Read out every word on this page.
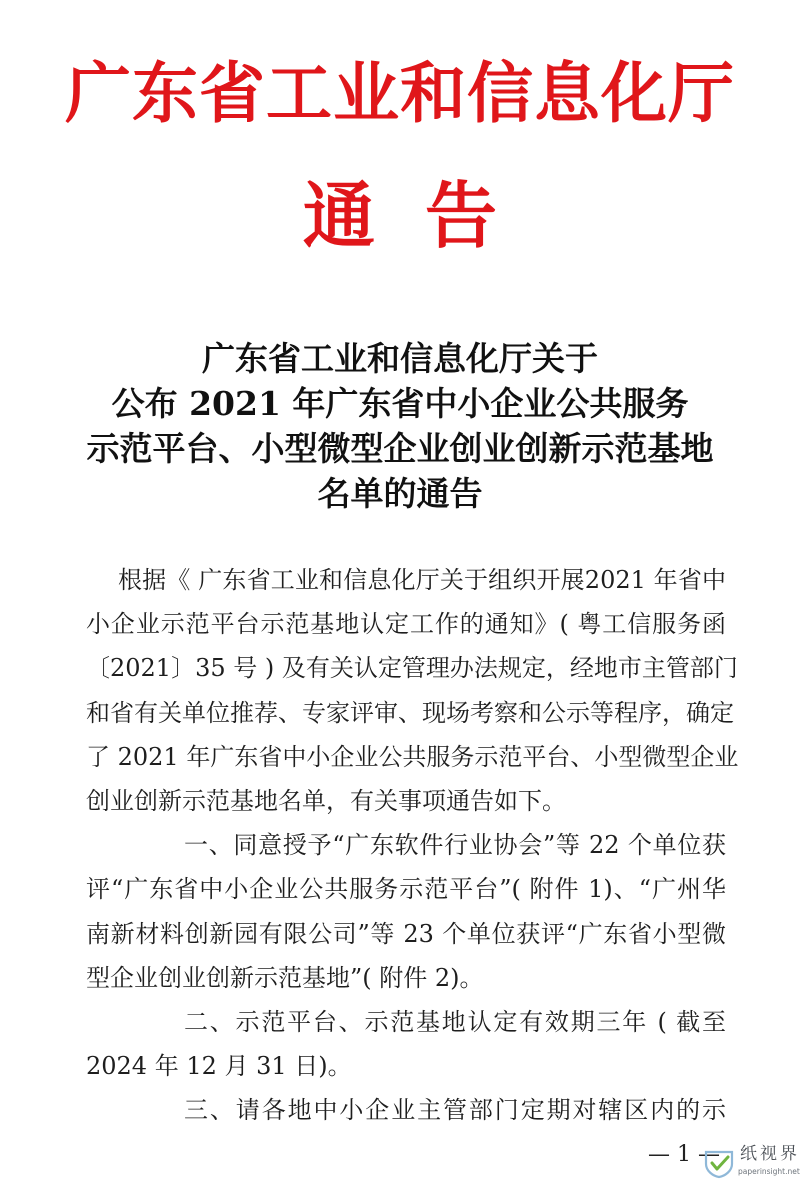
广东省工业和信息化厅
通  告
广东省工业和信息化厅关于
公布 2021 年广东省中小企业公共服务
示范平台、小型微型企业创业创新示范基地
名单的通告
根据《 广东省工业和信息化厅关于组织开展2021 年省中
小企业示范平台示范基地认定工作的通知》( 粤工信服务函
〔2021〕35 号 ) 及有关认定管理办法规定，经地市主管部门
和省有关单位推荐、专家评审、现场考察和公示等程序，确定
了 2021 年广东省中小企业公共服务示范平台、小型微型企业
创业创新示范基地名单，有关事项通告如下。
一、同意授予“广东软件行业协会”等 22 个单位获
评“广东省中小企业公共服务示范平台”( 附件 1)、“广州华
南新材料创新园有限公司”等 23 个单位获评“广东省小型微
型企业创业创新示范基地”( 附件 2)。
二、示范平台、示范基地认定有效期三年 ( 截至
2024 年 12 月 31 日)。
三、请各地中小企业主管部门定期对辖区内的示
— 1 — 纸视界
paperinsight.net
